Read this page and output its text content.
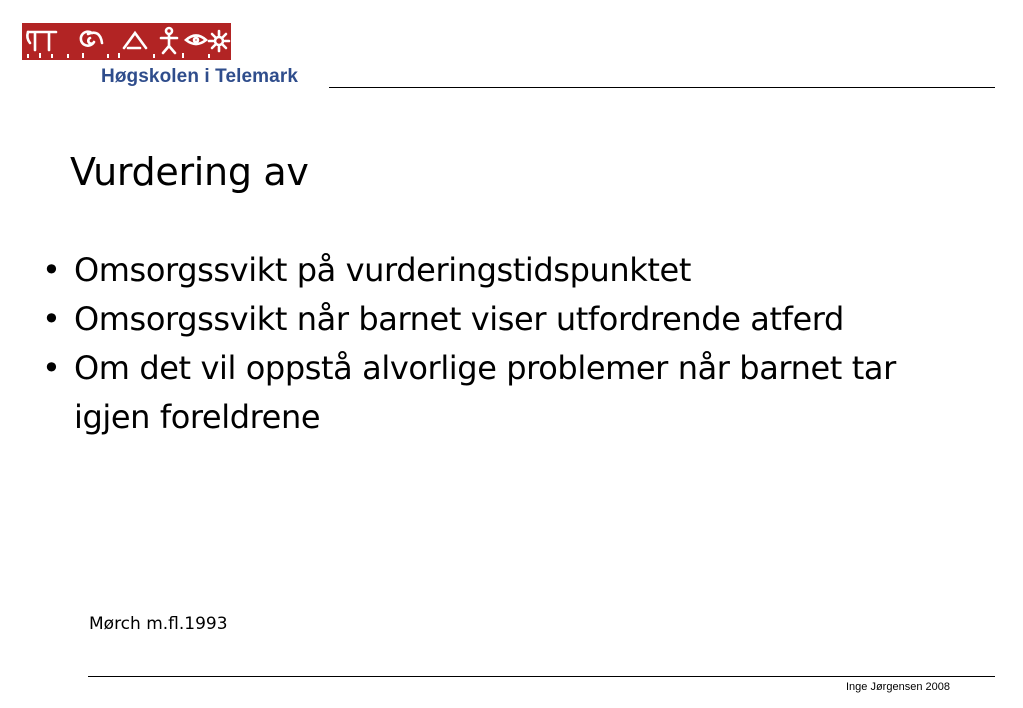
Høgskolen i Telemark
Vurdering av
• Omsorgssvikt på vurderingstidspunktet
• Omsorgssvikt når barnet viser utfordrende atferd
• Om det vil oppstå alvorlige problemer når barnet tar igjen foreldrene
Mørch m.fl.1993
Inge Jørgensen 2008
